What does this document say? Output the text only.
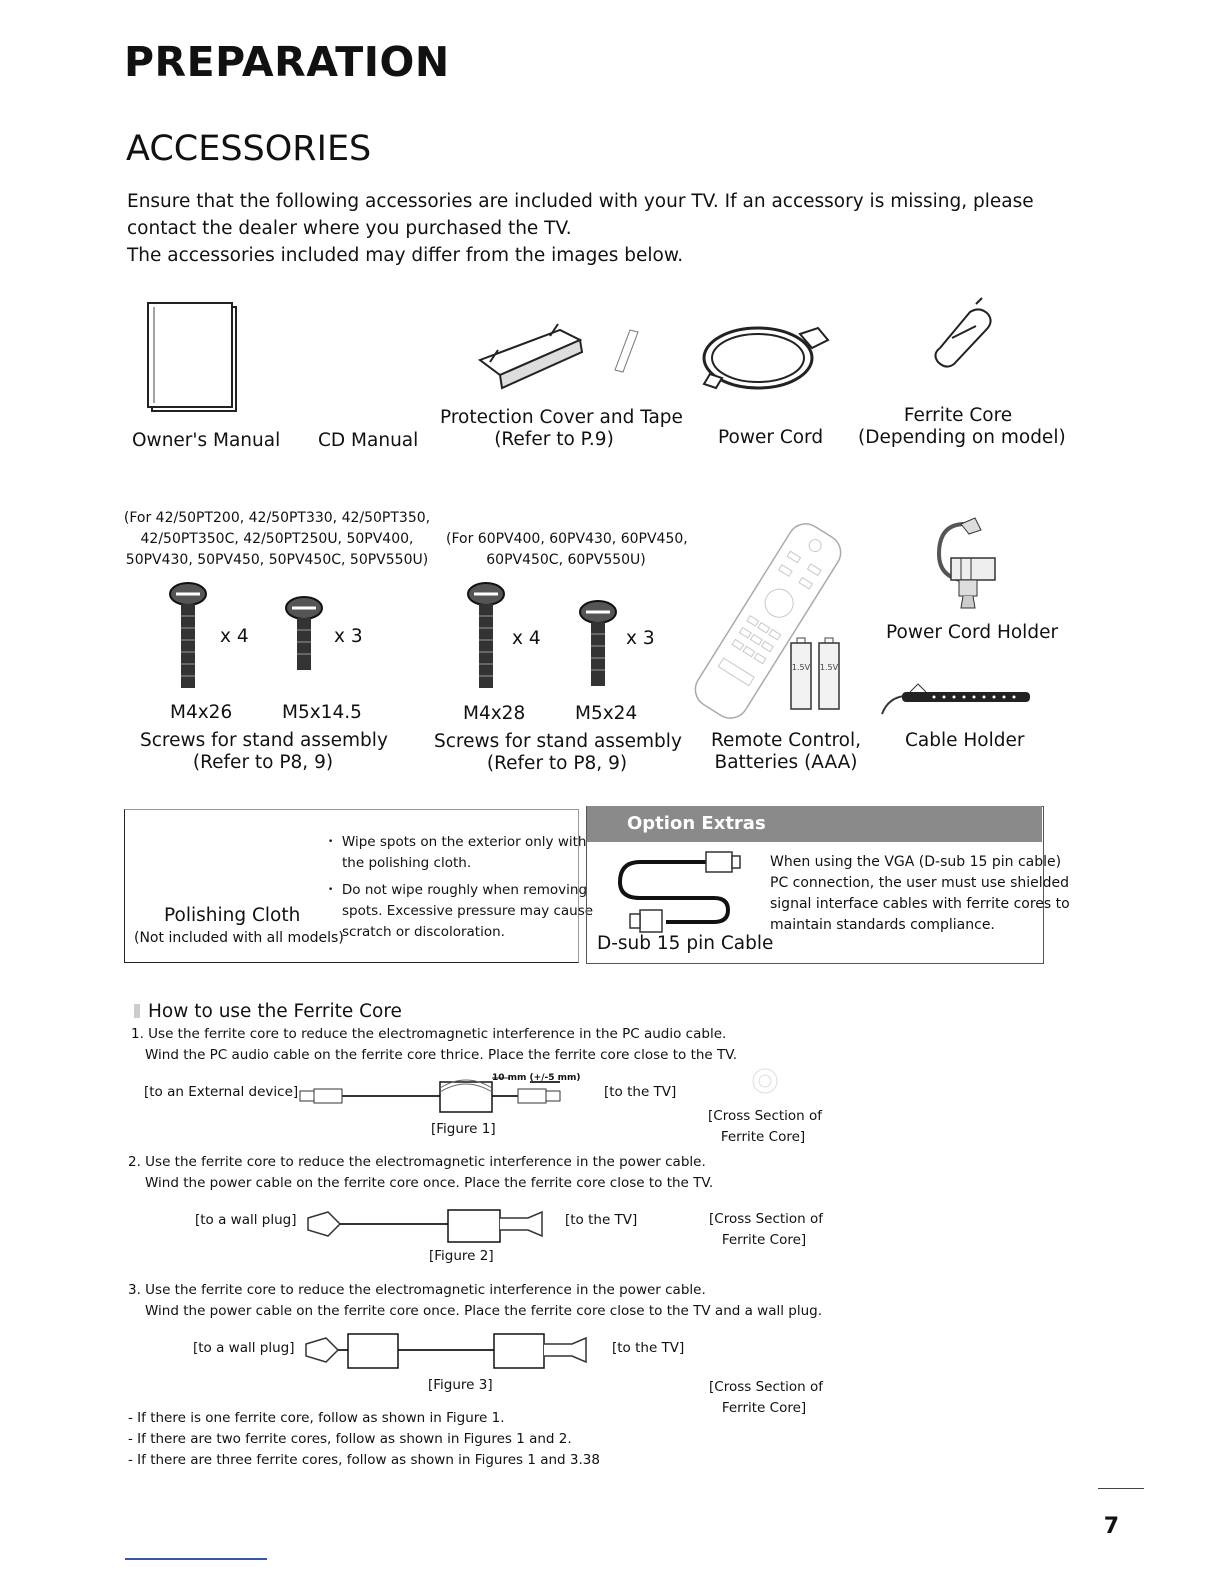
PREPARATION
ACCESSORIES

Ensure that the following accessories are included with your TV. If an accessory is missing, please contact the dealer where you purchased the TV.

The accessories included may differ from the images below.

Owner's Manual CD Manual
Protection Cover and Tape
(Refer to P.9)	Power Cord
Ferrite Core
(Depending on model)
(For 42/50PT200, 42/50PT330, 42/50PT350,
42/50PT350C, 42/50PT250U, 50PV400,
50PV430, 50PV450, 50PV450C, 50PV550U)
x 4	x 3
M4x26	M5x14.5
Screws for stand assembly
(Refer to P8, 9)
(For 60PV400, 60PV430, 60PV450,
60PV450C, 60PV550U)
x 4	x 3
M4x28	M5x24
Screws for stand assembly
(Refer to P8, 9)
1.5V 1.5V
Remote Control,
Batteries (AAA)
Power Cord Holder
Cable Holder
Polishing Cloth
(Not included with all models)
• Wipe spots on the exterior only with
the polishing cloth.
• Do not wipe roughly when removing
spots. Excessive pressure may cause
scratch or discoloration.
Option Extras
D-sub 15 pin Cable
When using the VGA (D-sub 15 pin cable)
PC connection, the user must use shielded
signal interface cables with ferrite cores to
maintain standards compliance.
How to use the Ferrite Core
1. Use the ferrite core to reduce the electromagnetic interference in the PC audio cable.
Wind the PC audio cable on the ferrite core thrice. Place the ferrite core close to the TV.
[to an External device]
10 mm (+/-5 mm)
[to the TV]
[Figure 1]
[Cross Section of
Ferrite Core]
2. Use the ferrite core to reduce the electromagnetic interference in the power cable.
Wind the power cable on the ferrite core once. Place the ferrite core close to the TV.
[to a wall plug]	[to the TV]
[Figure 2]
[Cross Section of
Ferrite Core]
3. Use the ferrite core to reduce the electromagnetic interference in the power cable.
Wind the power cable on the ferrite core once. Place the ferrite core close to the TV and a wall plug.
[to a wall plug]	[to the TV]
[Figure 3]	[Cross Section of
Ferrite Core]
- If there is one ferrite core, follow as shown in Figure 1.
- If there are two ferrite cores, follow as shown in Figures 1 and 2.
- If there are three ferrite cores, follow as shown in Figures 1 and 3.38
7
